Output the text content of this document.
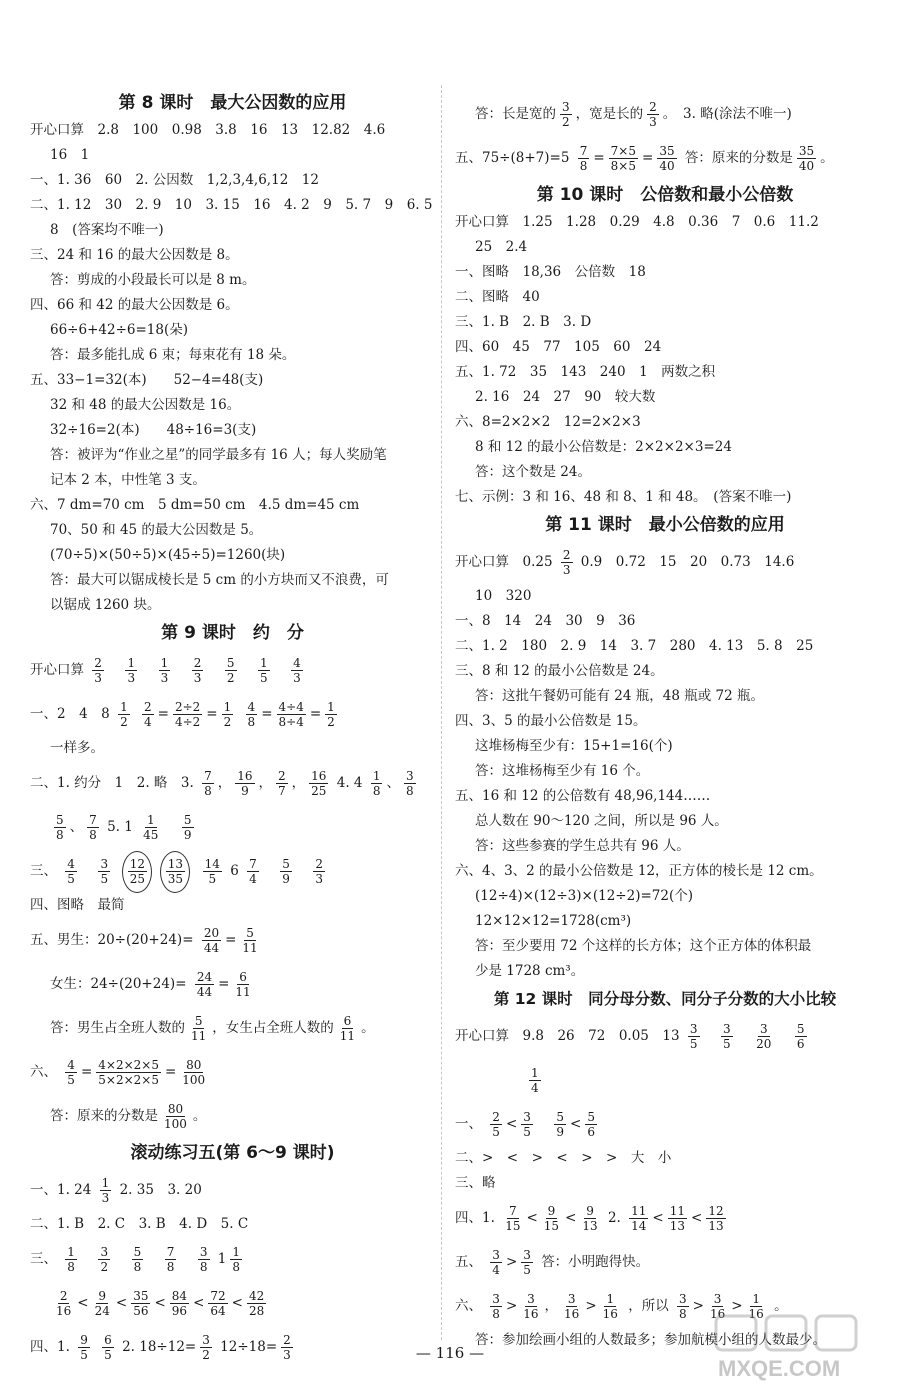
第 8 课时　最大公因数的应用
开心口算　2.8　100　0.98　3.8　16　13　12.82　4.6
16　1
一、1. 36　60　2. 公因数　1,2,3,4,6,12　12
二、1. 12　30　2. 9　10　3. 15　16　4. 2　9　5. 7　9　6. 5
8　(答案均不唯一)
三、24 和 16 的最大公因数是 8。
答：剪成的小段最长可以是 8 m。
四、66 和 42 的最大公因数是 6。
66÷6+42÷6=18(朵)
答：最多能扎成 6 束；每束花有 18 朵。
五、33−1=32(本)　　52−4=48(支)
32 和 48 的最大公因数是 16。
32÷16=2(本)　　48÷16=3(支)
答：被评为“作业之星”的同学最多有 16 人；每人奖励笔
记本 2 本，中性笔 3 支。
六、7 dm=70 cm　5 dm=50 cm　4.5 dm=45 cm
70、50 和 45 的最大公因数是 5。
(70÷5)×(50÷5)×(45÷5)=1260(块)
答：最大可以锯成棱长是 5 cm 的小方块而又不浪费，可
以锯成 1260 块。
第 9 课时　约　分
开心口算 $\frac{2}{3}$
　 $\frac{1}{3}$
　 $\frac{1}{3}$
　 $\frac{2}{3}$
　 $\frac{5}{2}$
　 $\frac{1}{5}$
　 $\frac{4}{3}$
一、2　4　$8 \frac{1}{2}$
$\frac{2}{4} = \frac{2\div 2}{4\div 2} = \frac{1}{2}$
$\frac{4}{8} = \frac{4\div 4}{8\div 4} = \frac{1}{2}$
一样多。
二、1. 约分　1　2. 略　3. $\frac{7}{8}$ ， $\frac{16}{9}$ ， $\frac{2}{7}$ ， $\frac{16}{25} 4$. $4 \frac{1}{8}$ 、 $\frac{3}{8}$
$\frac{5}{8}$ 、 $\frac{7}{8} 5$. $1 \frac{1}{45}$
　 $\frac{5}{9}$
三、 $\frac{4}{5}$
　 $\frac{3}{5}$
$\frac{12}{25} \frac{13}{35}$
$\frac{14}{5} 6 \frac{7}{4}$
　 $\frac{5}{9}$
　 $\frac{2}{3}$
四、图略　最简
五、男生：$20\div(20+24)= \frac{20}{44} = \frac{5}{11}$
女生：$24\div(20+24)= \frac{24}{44} = \frac{6}{11}$
答：男生占全班人数的 $\frac{5}{11}$ ，女生占全班人数的 $\frac{6}{11}$ 。
六、 $\frac{4}{5} = \frac{4\times 2\times 2\times 5}{5\times 2\times 2\times 5} = \frac{80}{100}$
答：原来的分数是 $\frac{80}{100}$ 。
滚动练习五(第 6～9 课时)
一、1. $24 \frac{1}{3} 2$. 35　3. 20
二、1. B　2. C　3. B　4. D　5. C
三、 $\frac{1}{8}$
　 $\frac{3}{2}$
　 $\frac{5}{8}$
　 $\frac{7}{8}$
　 $\frac{3}{8} 1 \frac{1}{8}$
$\frac{2}{16} < \frac{9}{24} < \frac{35}{56} < \frac{84}{96} < \frac{72}{64} < \frac{42}{28}$
四、1. $\frac{9}{5}$
$\frac{6}{5} 2$. $18\div 12= \frac{3}{2} 12\div 18= \frac{2}{3}$
答：长是宽的 $\frac{3}{2}$ ，宽是长的 $\frac{2}{3}$ 。　3. 略(涂法不唯一)
五、$75\div(8+7)=5 \frac{7}{8} = \frac{7\times 5}{8\times 5} = \frac{35}{40}$ 答：原来的分数是 $\frac{35}{40}$ 。
第 10 课时　公倍数和最小公倍数
开心口算　1.25　1.28　0.29　4.8　0.36　7　0.6　11.2
25　2.4
一、图略　18,36　公倍数　18
二、图略　40
三、1. B　2. B　3. D
四、60　45　77　105　60　24
五、1. 72　35　143　240　1　两数之积
2. 16　24　27　90　较大数
六、8=2×2×2　12=2×2×3
8 和 12 的最小公倍数是：2×2×2×3=24
答：这个数是 24。
七、示例：3 和 16、48 和 8、1 和 48。　(答案不唯一)
第 11 课时　最小公倍数的应用
开心口算　$0.25 \frac{2}{3} 0.9$　0.72　15　20　0.73　14.6
10　320
一、8　14　24　30　9　36
二、1. 2　180　2. 9　14　3. 7　280　4. 13　5. 8　25
三、8 和 12 的最小公倍数是 24。
答：这批午餐奶可能有 24 瓶，48 瓶或 72 瓶。
四、3、5 的最小公倍数是 15。
这堆杨梅至少有：15+1=16(个)
答：这堆杨梅至少有 16 个。
五、16 和 12 的公倍数有 48,96,144……
总人数在 90～120 之间，所以是 96 人。
答：这些参赛的学生总共有 96 人。
六、4、3、2 的最小公倍数是 12，正方体的棱长是 12 cm。
(12÷4)×(12÷3)×(12÷2)=72(个)
12×12×12=1728(cm³)
答：至少要用 72 个这样的长方体；这个正方体的体积最
少是 1728 cm³。
第 12 课时　同分母分数、同分子分数的大小比较
开心口算　9.8　26　72　0.05　$13 \frac{3}{5}$
　 $\frac{3}{5}$
　 $\frac{3}{20}$
　 $\frac{5}{6}$
$\frac{1}{4}$
一、 $\frac{2}{5} < \frac{3}{5}$
　 $\frac{5}{9} < \frac{5}{6}$
二、>　<　>　<　>　>　大　小
三、略
四、1. $\frac{7}{15} < \frac{9}{15} < \frac{9}{13} 2$. $\frac{11}{14} < \frac{11}{13} < \frac{12}{13}$
五、 $\frac{3}{4} > \frac{3}{5}$ 答：小明跑得快。
六、 $\frac{3}{8} > \frac{3}{16}$ ， $\frac{3}{16} > \frac{1}{16}$ ，所以 $\frac{3}{8} > \frac{3}{16} > \frac{1}{16}$ 。
答：参加绘画小组的人数最多；参加航模小组的人数最少。
— 116 —
MXQE.COM
